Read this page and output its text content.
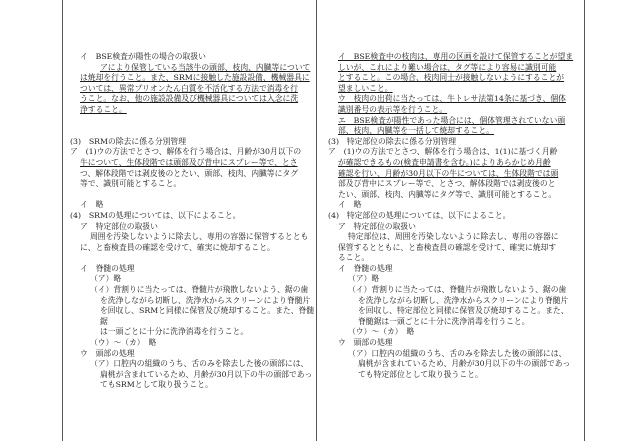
イ　BSE検査が陽性の場合の取扱い

アにより保管している当該牛の頭部、枝肉、内臓等について

は焼却を行うこと。また、SRMに接触した施設設備、機械器具に

ついては、異常プリオンたん白質を不活化する方法で消毒を行

うこと。なお、他の施設設備及び機械器具については入念に洗

浄すること。

(3)　SRMの除去に係る分別管理

ア　(1)ウの方法でとさつ、解体を行う場合は、月齢が30月以下の

牛について、生体段階では頭部及び背中にスプレー等で、とさ

つ、解体段階では剥皮後のとたい、頭部、枝肉、内臓等にタグ

等で、識別可能とすること。

イ　略

(4)　SRMの処理については、以下によること。

ア　特定部位の取扱い

周囲を汚染しないように除去し、専用の容器に保管するととも

に、と畜検査員の確認を受けて、確実に焼却すること。

イ　脊髄の処理

（ア）略

（イ）背割りに当たっては、脊髄片が飛散しないよう、鋸の歯

を洗浄しながら切断し、洗浄水からスクリーンにより脊髄片

を回収し、SRMと同様に保管及び焼却すること。また、脊髄鋸

は一頭ごとに十分に洗浄消毒を行うこと。

（ウ）～（カ）　略

ウ　頭部の処理

（ア）口腔内の組織のうち、舌のみを除去した後の頭部には、

扁桃が含まれているため、月齢が30月以下の牛の頭部であっ

てもSRMとして取り扱うこと。

イ　BSE検査中の枝肉は、専用の区画を設けて保管することが望ま

しいが、これにより難い場合は、タグ等により容易に識別可能

とすること。この場合、枝肉同士が接触しないようにすることが

望ましいこと。

ウ　枝肉の出荷に当たっては、牛トレサ法第14条に基づき、個体

識別番号の表示等を行うこと。

エ　BSE検査が陽性であった場合には、個体管理されていない頭

部、枝肉、内臓等を一括して焼却すること。

(3)　特定部位の除去に係る分別管理

ア　(1)ウの方法でとさつ、解体を行う場合は、1(1)に基づく月齢

が確認できるもの(検査申請書を含む。)によりあらかじめ月齢

確認を行い、月齢が30月以下の牛については、生体段階では頭

部及び背中にスプレー等で、とさつ、解体段階では剥皮後のと

たい、頭部、枝肉、内臓等にタグ等で、識別可能とすること。

イ　略

(4)　特定部位の処理については、以下によること。

ア　特定部位の取扱い

特定部位は、周囲を汚染しないように除去し、専用の容器に

保管するとともに、と畜検査員の確認を受けて、確実に焼却す

ること。

イ　脊髄の処理

（ア）略

（イ）背割りに当たっては、脊髄片が飛散しないよう、鋸の歯

を洗浄しながら切断し、洗浄水からスクリーンにより脊髄片

を回収し、特定部位と同様に保管及び焼却すること。また、

脊髄鋸は一頭ごとに十分に洗浄消毒を行うこと。

（ウ）～（カ）　略

ウ　頭部の処理

（ア）口腔内の組織のうち、舌のみを除去した後の頭部には、

扁桃が含まれているため、月齢が30月以下の牛の頭部であっ

ても特定部位として取り扱うこと。
